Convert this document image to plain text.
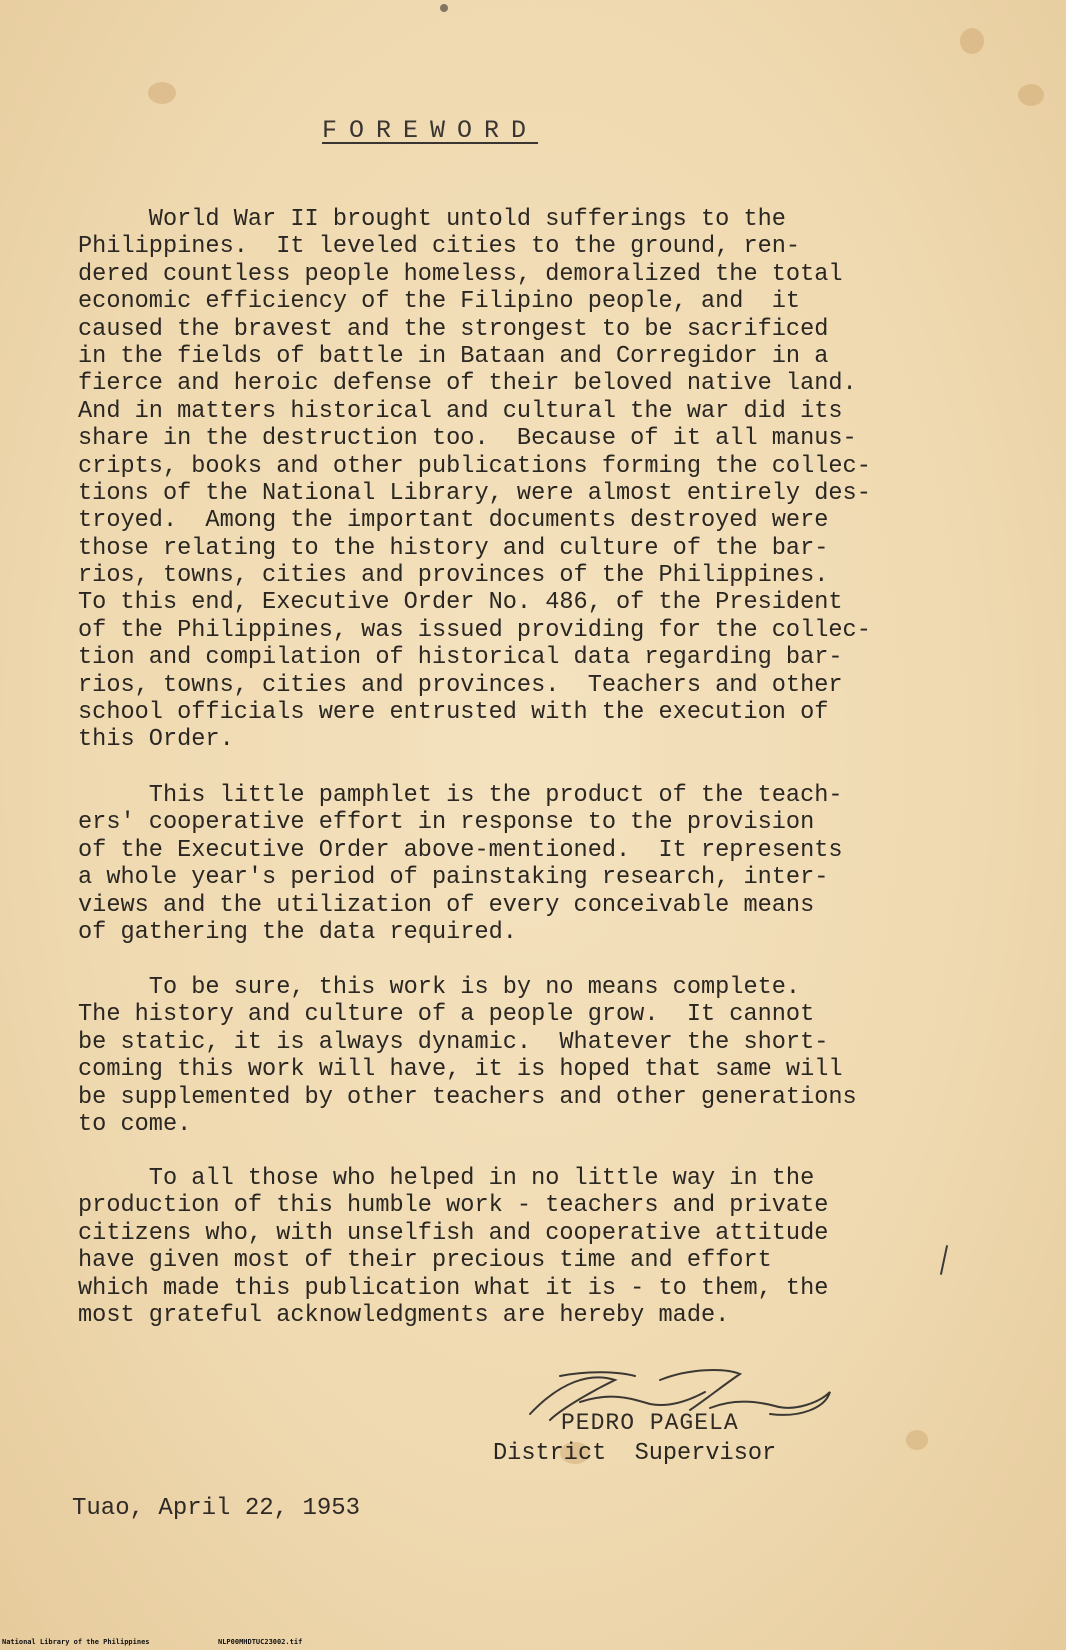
FOREWORD

World War II brought untold sufferings to the
Philippines.  It leveled cities to the ground, ren-
dered countless people homeless, demoralized the total
economic efficiency of the Filipino people, and  it
caused the bravest and the strongest to be sacrificed
in the fields of battle in Bataan and Corregidor in a
fierce and heroic defense of their beloved native land.
And in matters historical and cultural the war did its
share in the destruction too.  Because of it all manus-
cripts, books and other publications forming the collec-
tions of the National Library, were almost entirely des-
troyed.  Among the important documents destroyed were
those relating to the history and culture of the bar-
rios, towns, cities and provinces of the Philippines.
To this end, Executive Order No. 486, of the President
of the Philippines, was issued providing for the collec-
tion and compilation of historical data regarding bar-
rios, towns, cities and provinces.  Teachers and other
school officials were entrusted with the execution of
this Order.

This little pamphlet is the product of the teach-
ers' cooperative effort in response to the provision
of the Executive Order above-mentioned.  It represents
a whole year's period of painstaking research, inter-
views and the utilization of every conceivable means
of gathering the data required.

To be sure, this work is by no means complete.
The history and culture of a people grow.  It cannot
be static, it is always dynamic.  Whatever the short-
coming this work will have, it is hoped that same will
be supplemented by other teachers and other generations
to come.

To all those who helped in no little way in the
production of this humble work - teachers and private
citizens who, with unselfish and cooperative attitude
have given most of their precious time and effort
which made this publication what it is - to them, the
most grateful acknowledgments are hereby made.

PEDRO PAGELA
District  Supervisor
Tuao, April 22, 1953
National Library of the Philippines	NLP00MHDTUC23002.tif
